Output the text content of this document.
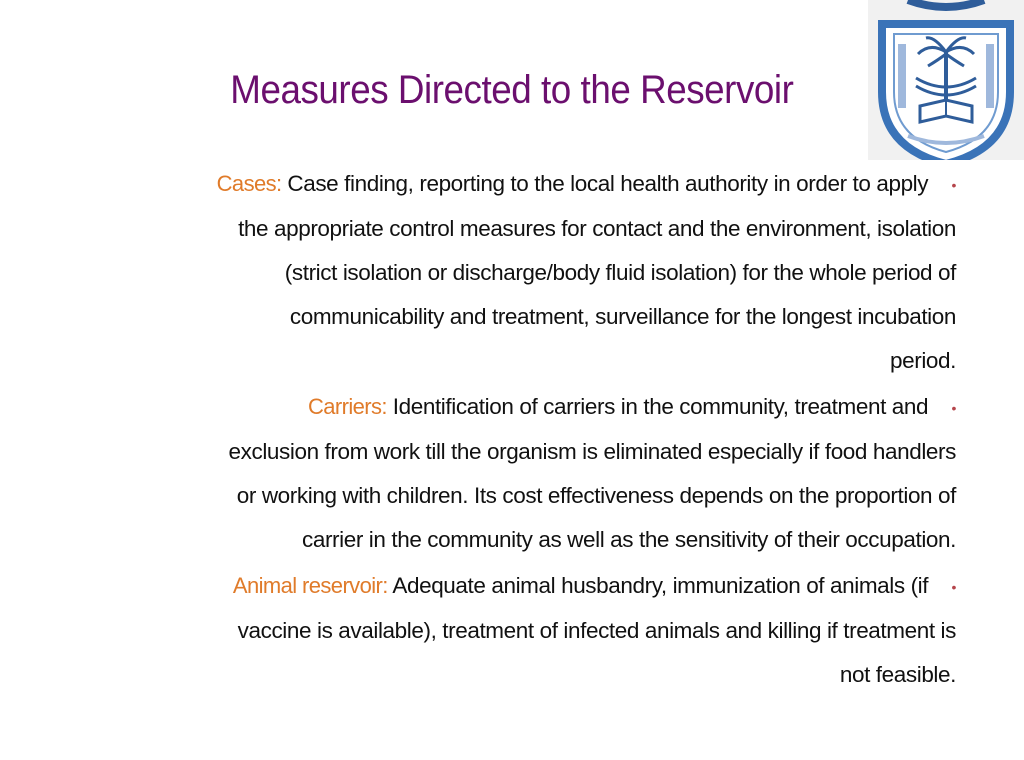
Measures Directed to the Reservoir
Cases: Case finding, reporting to the local health authority in order to apply •
the appropriate control measures for contact and the environment, isolation
(strict isolation or discharge/body fluid isolation) for the whole period of
communicability and treatment, surveillance for the longest incubation
period.
Carriers: Identification of carriers in the community, treatment and •
exclusion from work till the organism is eliminated especially if food handlers
or working with children. Its cost effectiveness depends on the proportion of
carrier in the community as well as the sensitivity of their occupation.
Animal reservoir: Adequate animal husbandry, immunization of animals (if •
vaccine is available), treatment of infected animals and killing if treatment is
not feasible.
